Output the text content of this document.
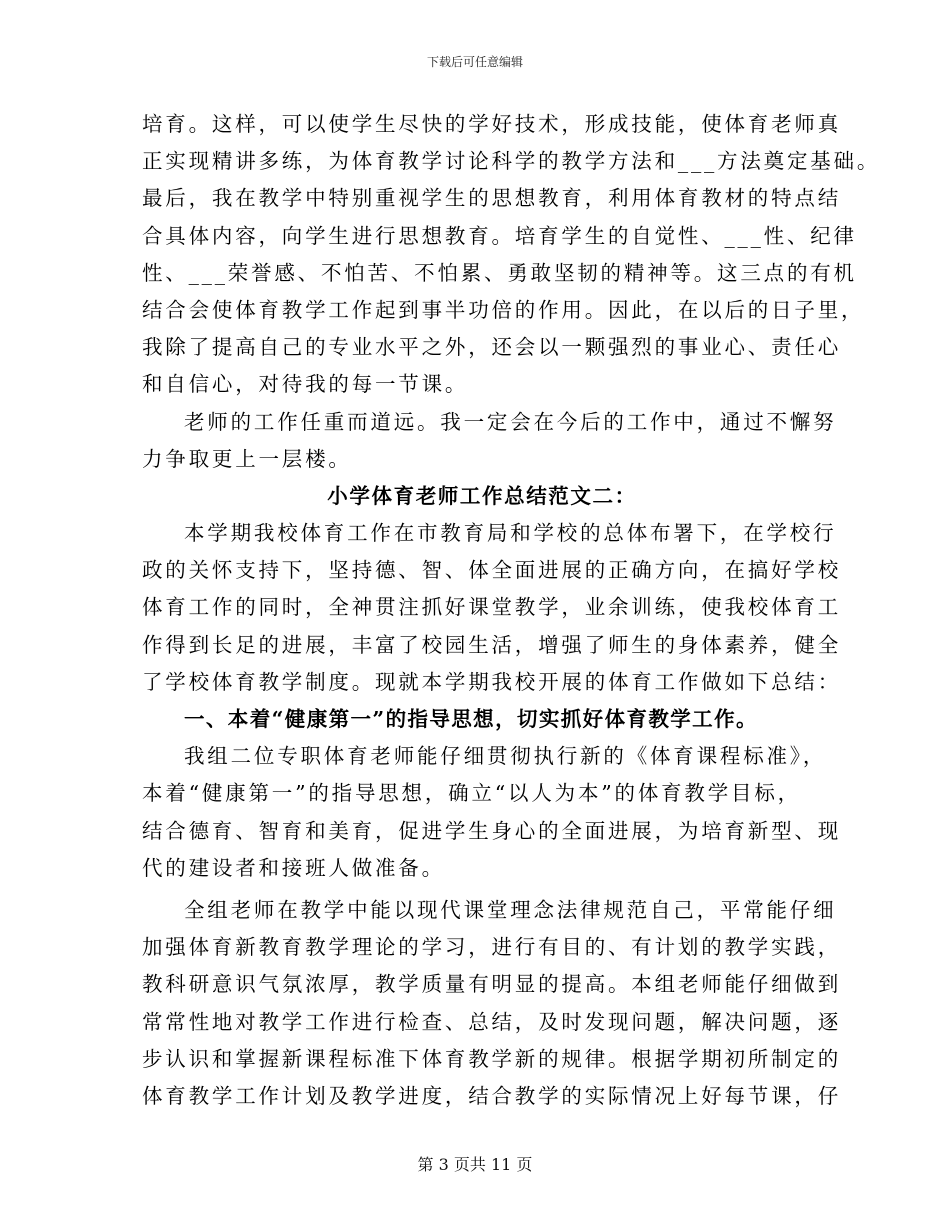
下载后可任意编辑
培育。这样，可以使学生尽快的学好技术，形成技能，使体育老师真
正实现精讲多练，为体育教学讨论科学的教学方法和___方法奠定基础。
最后，我在教学中特别重视学生的思想教育，利用体育教材的特点结
合具体内容，向学生进行思想教育。培育学生的自觉性、___性、纪律
性、___荣誉感、不怕苦、不怕累、勇敢坚韧的精神等。这三点的有机
结合会使体育教学工作起到事半功倍的作用。因此，在以后的日子里，
我除了提高自己的专业水平之外，还会以一颗强烈的事业心、责任心
和自信心，对待我的每一节课。
老师的工作任重而道远。我一定会在今后的工作中，通过不懈努
力争取更上一层楼。
小学体育老师工作总结范文二：
本学期我校体育工作在市教育局和学校的总体布署下，在学校行
政的关怀支持下，坚持德、智、体全面进展的正确方向，在搞好学校
体育工作的同时，全神贯注抓好课堂教学，业余训练，使我校体育工
作得到长足的进展，丰富了校园生活，增强了师生的身体素养，健全
了学校体育教学制度。现就本学期我校开展的体育工作做如下总结：
一、本着“健康第一”的指导思想，切实抓好体育教学工作。
我组二位专职体育老师能仔细贯彻执行新的《体育课程标准》，
本着“健康第一”的指导思想，确立“以人为本”的体育教学目标，
结合德育、智育和美育，促进学生身心的全面进展，为培育新型、现
代的建设者和接班人做准备。
全组老师在教学中能以现代课堂理念法律规范自己，平常能仔细
加强体育新教育教学理论的学习，进行有目的、有计划的教学实践，
教科研意识气氛浓厚，教学质量有明显的提高。本组老师能仔细做到
常常性地对教学工作进行检查、总结，及时发现问题，解决问题，逐
步认识和掌握新课程标准下体育教学新的规律。根据学期初所制定的
体育教学工作计划及教学进度，结合教学的实际情况上好每节课，仔
第 3 页共 11 页
